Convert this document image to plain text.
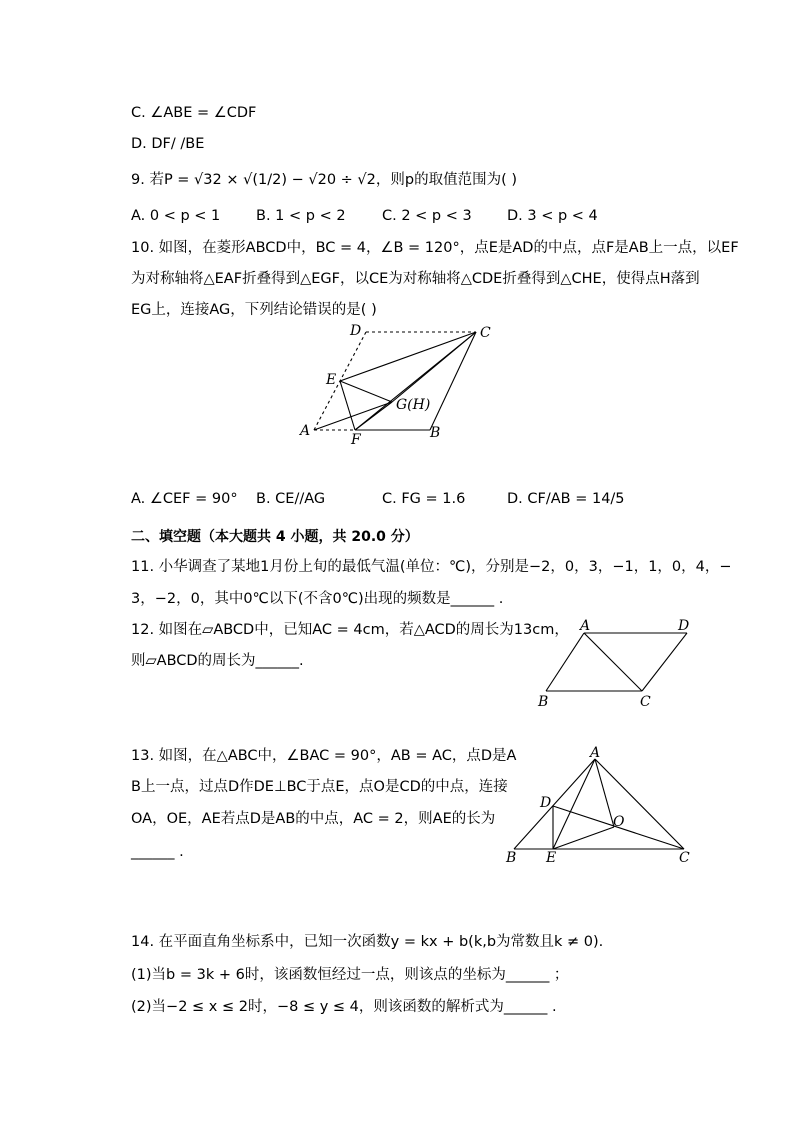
C. ∠ABE = ∠CDF
D. DF/ /BE
9. 若P = √32 × √(1/2) − √20 ÷ √2，则p的取值范围为( )
A. 0 < p < 1 B. 1 < p < 2	C. 2 < p < 3 D. 3 < p < 4
10. 如图，在菱形ABCD中，BC = 4，∠B = 120°，点E是AD的中点，点F是AB上一点，以EF
为对称轴将△EAF折叠得到△EGF，以CE为对称轴将△CDE折叠得到△CHE，使得点H落到
EG上，连接AG，下列结论错误的是( )
D	C
E
G(H)
A
F	B
A. ∠CEF = 90° B. CE//AG	C. FG = 1.6	D. CF/AB = 14/5
二、填空题（本大题共 4 小题，共 20.0 分）
11. 小华调查了某地1月份上旬的最低气温(单位：℃)，分别是−2，0，3，−1，1，0，4，−
3，−2，0，其中0℃以下(不含0℃)出现的频数是______ .
12. 如图在▱ABCD中，已知AC = 4cm，若△ACD的周长为13cm，
则▱ABCD的周长为______.
A	D
B	C
13. 如图，在△ABC中，∠BAC = 90°，AB = AC，点D是A
B上一点，过点D作DE⊥BC于点E，点O是CD的中点，连接
OA，OE，AE若点D是AB的中点，AC = 2，则AE的长为
______ .
A
D
O
B E	C
14. 在平面直角坐标系中，已知一次函数y = kx + b(k,b为常数且k ≠ 0).
(1)当b = 3k + 6时，该函数恒经过一点，则该点的坐标为______ ；
(2)当−2 ≤ x ≤ 2时，−8 ≤ y ≤ 4，则该函数的解析式为______ .
